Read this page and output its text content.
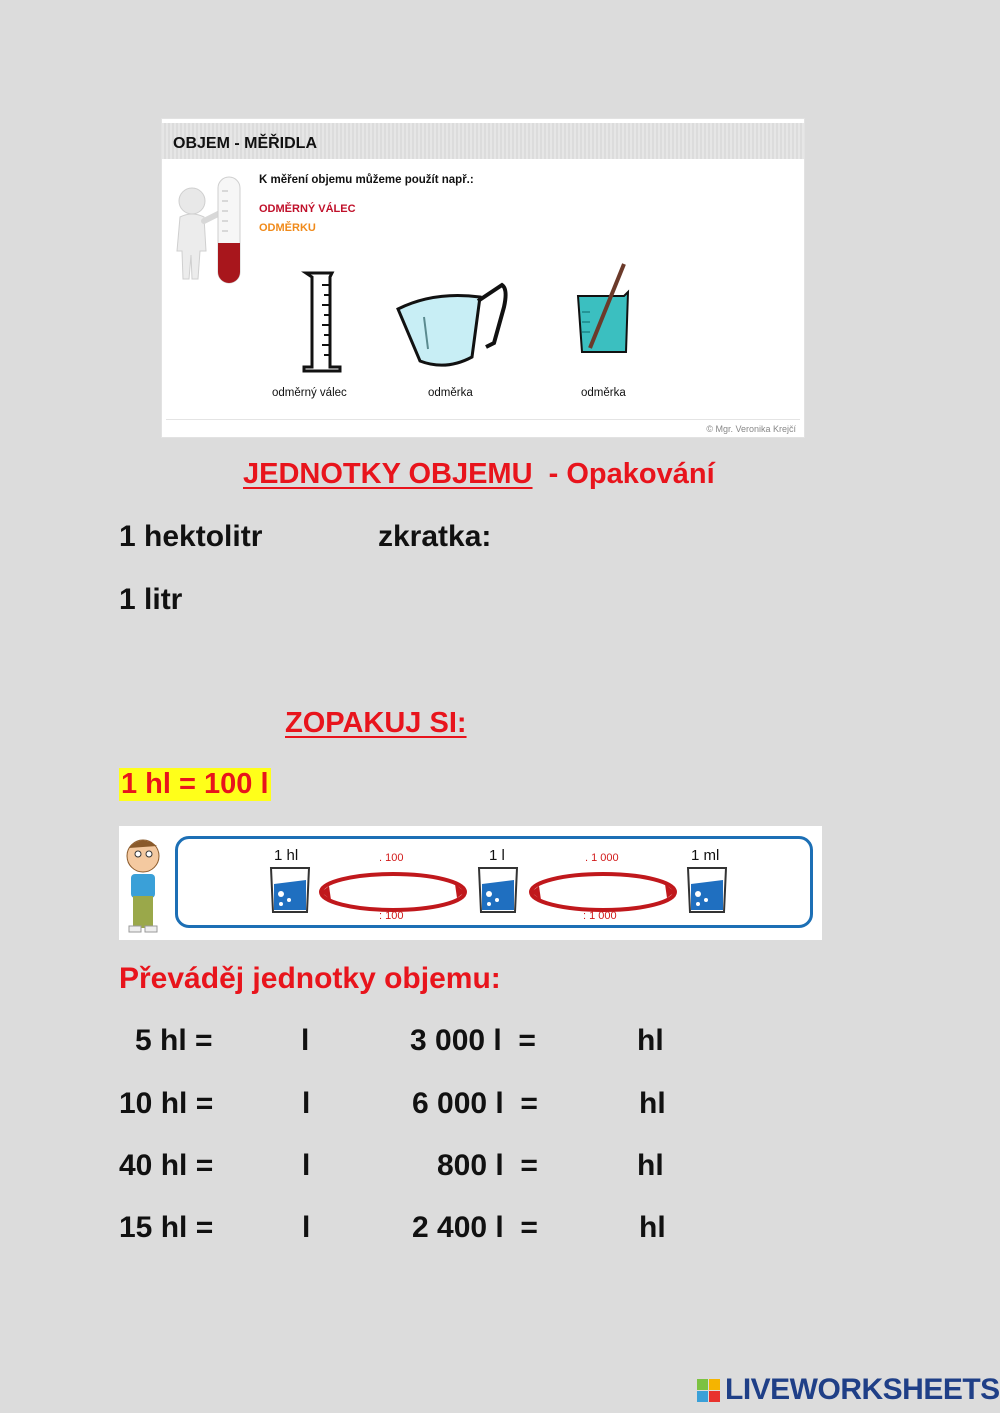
OBJEM - MĚŘIDLA
K měření objemu můžeme použít např.:
ODMĚRNÝ VÁLEC
ODMĚRKU
odměrný válec	odměrka	odměrka
© Mgr. Veronika Krejčí
JEDNOTKY OBJEMU  - Opakování
1 hektolitr	zkratka:
1 litr
ZOPAKUJ SI:
1 hl = 100 l
1 hl	1 l	1 ml
. 100	. 1 000
: 100	: 1 000
Převáděj jednotky objemu:
5 hl =	l	3 000 l  =	hl
10 hl =	l	6 000 l  =	hl
40 hl =	l	800 l  =	hl
15 hl =	l	2 400 l  =	hl
LIVEWORKSHEETS
